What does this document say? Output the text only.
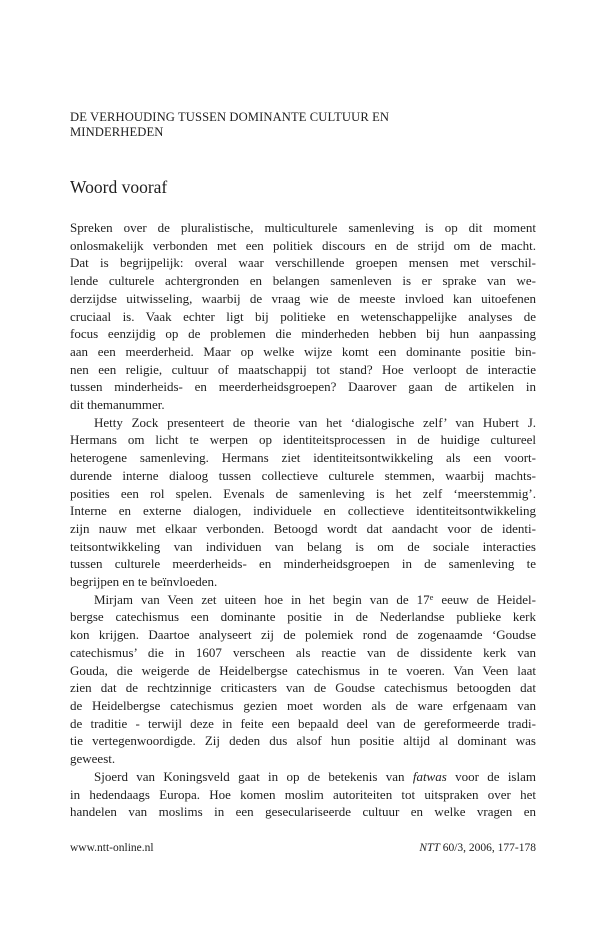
DE VERHOUDING TUSSEN DOMINANTE CULTUUR EN
MINDERHEDEN
Woord vooraf
Spreken over de pluralistische, multiculturele samenleving is op dit moment
onlosmakelijk verbonden met een politiek discours en de strijd om de macht.
Dat is begrijpelijk: overal waar verschillende groepen mensen met verschil-
lende culturele achtergronden en belangen samenleven is er sprake van we-
derzijdse uitwisseling, waarbij de vraag wie de meeste invloed kan uitoefenen
cruciaal is. Vaak echter ligt bij politieke en wetenschappelijke analyses de
focus eenzijdig op de problemen die minderheden hebben bij hun aanpassing
aan een meerderheid. Maar op welke wijze komt een dominante positie bin-
nen een religie, cultuur of maatschappij tot stand? Hoe verloopt de interactie
tussen minderheids- en meerderheidsgroepen? Daarover gaan de artikelen in
dit themanummer.
Hetty Zock presenteert de theorie van het ‘dialogische zelf’ van Hubert J.
Hermans om licht te werpen op identiteitsprocessen in de huidige cultureel
heterogene samenleving. Hermans ziet identiteitsontwikkeling als een voort-
durende interne dialoog tussen collectieve culturele stemmen, waarbij machts-
posities een rol spelen. Evenals de samenleving is het zelf ‘meerstemmig’.
Interne en externe dialogen, individuele en collectieve identiteitsontwikkeling
zijn nauw met elkaar verbonden. Betoogd wordt dat aandacht voor de identi-
teitsontwikkeling van individuen van belang is om de sociale interacties
tussen culturele meerderheids- en minderheidsgroepen in de samenleving te
begrijpen en te beïnvloeden.
Mirjam van Veen zet uiteen hoe in het begin van de 17e eeuw de Heidel-
bergse catechismus een dominante positie in de Nederlandse publieke kerk
kon krijgen. Daartoe analyseert zij de polemiek rond de zogenaamde ‘Goudse
catechismus’ die in 1607 verscheen als reactie van de dissidente kerk van
Gouda, die weigerde de Heidelbergse catechismus in te voeren. Van Veen laat
zien dat de rechtzinnige criticasters van de Goudse catechismus betoogden dat
de Heidelbergse catechismus gezien moet worden als de ware erfgenaam van
de traditie - terwijl deze in feite een bepaald deel van de gereformeerde tradi-
tie vertegenwoordigde. Zij deden dus alsof hun positie altijd al dominant was
geweest.
Sjoerd van Koningsveld gaat in op de betekenis van fatwas voor de islam
in hedendaags Europa. Hoe komen moslim autoriteiten tot uitspraken over het
handelen van moslims in een geseculariseerde cultuur en welke vragen en
www.ntt-online.nl	NTT 60/3, 2006, 177-178
